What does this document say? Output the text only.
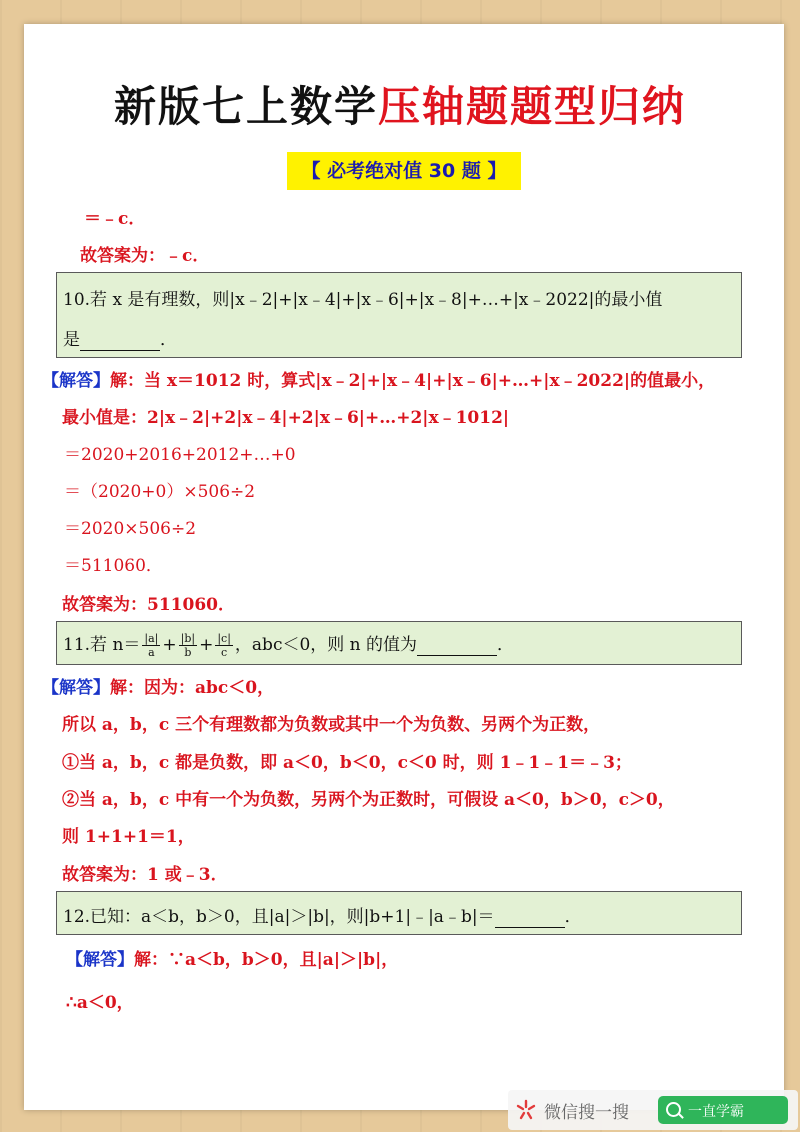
新版七上数学压轴题题型归纳
【 必考绝对值 30 题 】
＝﹣c．
故答案为：﹣c．
10.若 x 是有理数，则|x﹣2|+|x﹣4|+|x﹣6|+|x﹣8|+…+|x﹣2022|的最小值
是	．
【解答】解：当 x＝1012 时，算式|x﹣2|+|x﹣4|+|x﹣6|+…+|x﹣2022|的值最小，
最小值是：2|x﹣2|+2|x﹣4|+2|x﹣6|+…+2|x﹣1012|
＝2020+2016+2012+…+0
＝（2020+0）×506÷2
＝2020×506÷2
＝511060．
故答案为：511060．
11.若 $n= \frac{|a|}{a} + \frac{|b|}{b} + \frac{|c|}{c}$ ，abc＜0，则 n 的值为	．
【解答】解：因为：abc＜0，
所以 a，b，c 三个有理数都为负数或其中一个为负数、另两个为正数，
①当 a，b，c 都是负数，即 a＜0，b＜0，c＜0 时，则 1﹣1﹣1＝﹣3；
②当 a，b，c 中有一个为负数，另两个为正数时，可假设 a＜0，b＞0，c＞0，
则 1+1+1＝1，
故答案为：1 或﹣3．
12.已知：a＜b，b＞0，且|a|＞|b|，则|b+1|﹣|a﹣b|＝	．
【解答】解：∵a＜b，b＞0，且|a|＞|b|，
∴a＜0，
微信搜一搜	一直学霸
